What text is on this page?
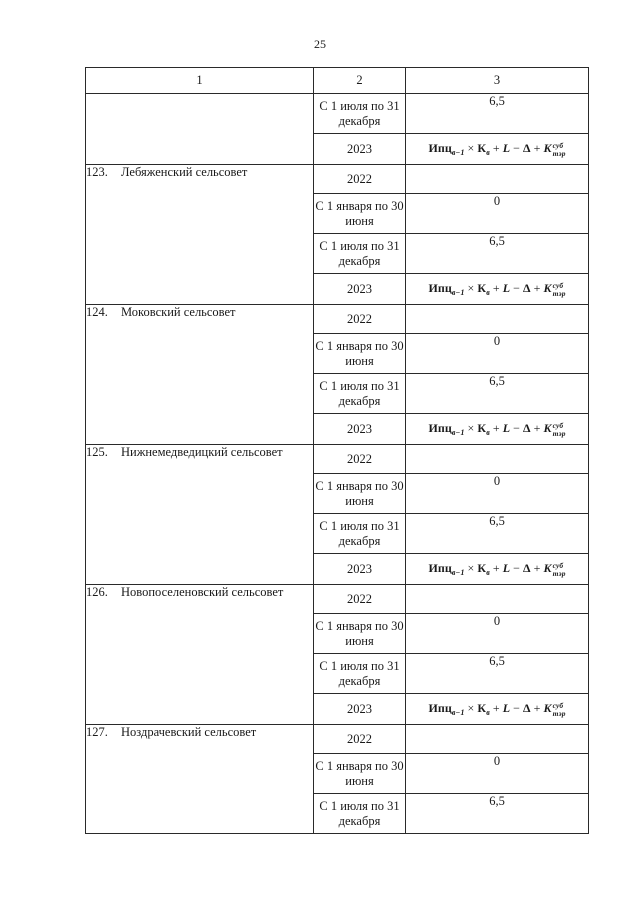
25
1	2	3
	С 1 июля по 31 декабря	6,5
	2023	$Ипц_{в-1} \times К_в + L - \Delta + K$ суб
тэр

123. Лебяженский сельсовет	2022	
	С 1 января по 30 июня	0
	С 1 июля по 31 декабря	6,5
	2023	$Ипц_{в-1} \times К_в + L - \Delta + K$ суб
тэр

124. Моковский сельсовет	2022	
	С 1 января по 30 июня	0
	С 1 июля по 31 декабря	6,5
	2023	$Ипц_{в-1} \times К_в + L - \Delta + K$ суб
тэр

125. Нижнемедведицкий сельсовет	2022	
	С 1 января по 30 июня	0
	С 1 июля по 31 декабря	6,5
	2023	$Ипц_{в-1} \times К_в + L - \Delta + K$ суб
тэр

126. Новопоселеновский сельсовет	2022	
	С 1 января по 30 июня	0
	С 1 июля по 31 декабря	6,5
	2023	$Ипц_{в-1} \times К_в + L - \Delta + K$ суб
тэр

127. Ноздрачевский сельсовет	2022	
	С 1 января по 30 июня	0
	С 1 июля по 31 декабря	6,5
